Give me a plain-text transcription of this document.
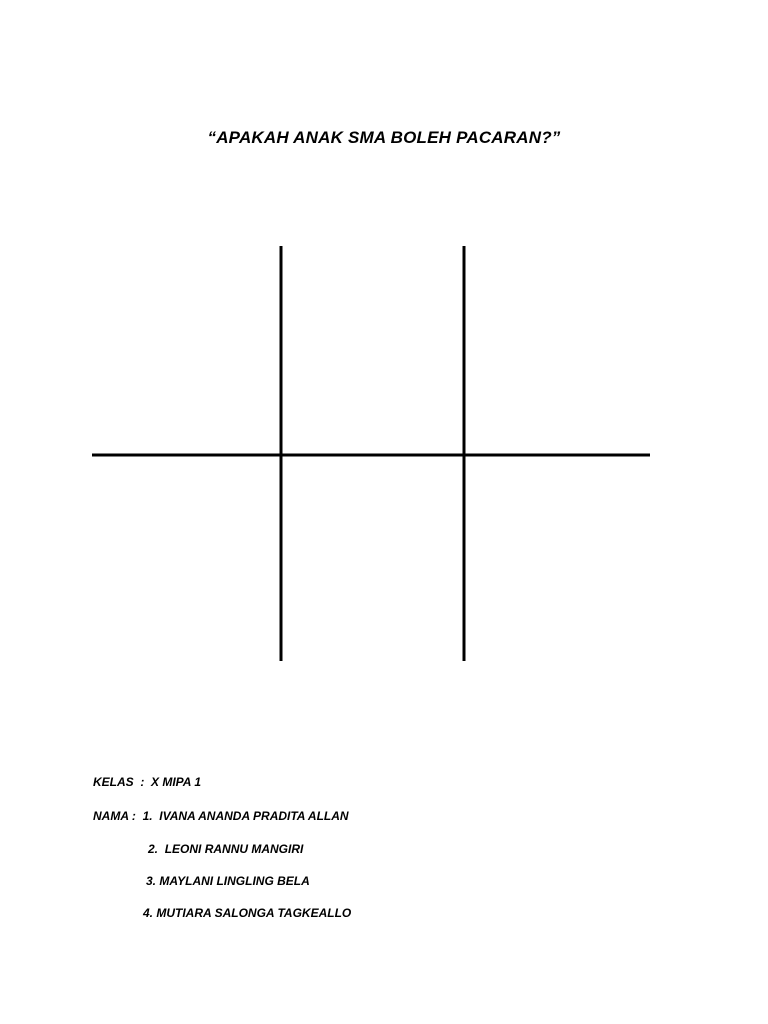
“APAKAH ANAK SMA BOLEH PACARAN?”
KELAS  : X MIPA 1
NAMA : 1. IVANA ANANDA PRADITA ALLAN
2. LEONI RANNU MANGIRI
3. MAYLANI LINGLING BELA
4. MUTIARA SALONGA TAGKEALLO
